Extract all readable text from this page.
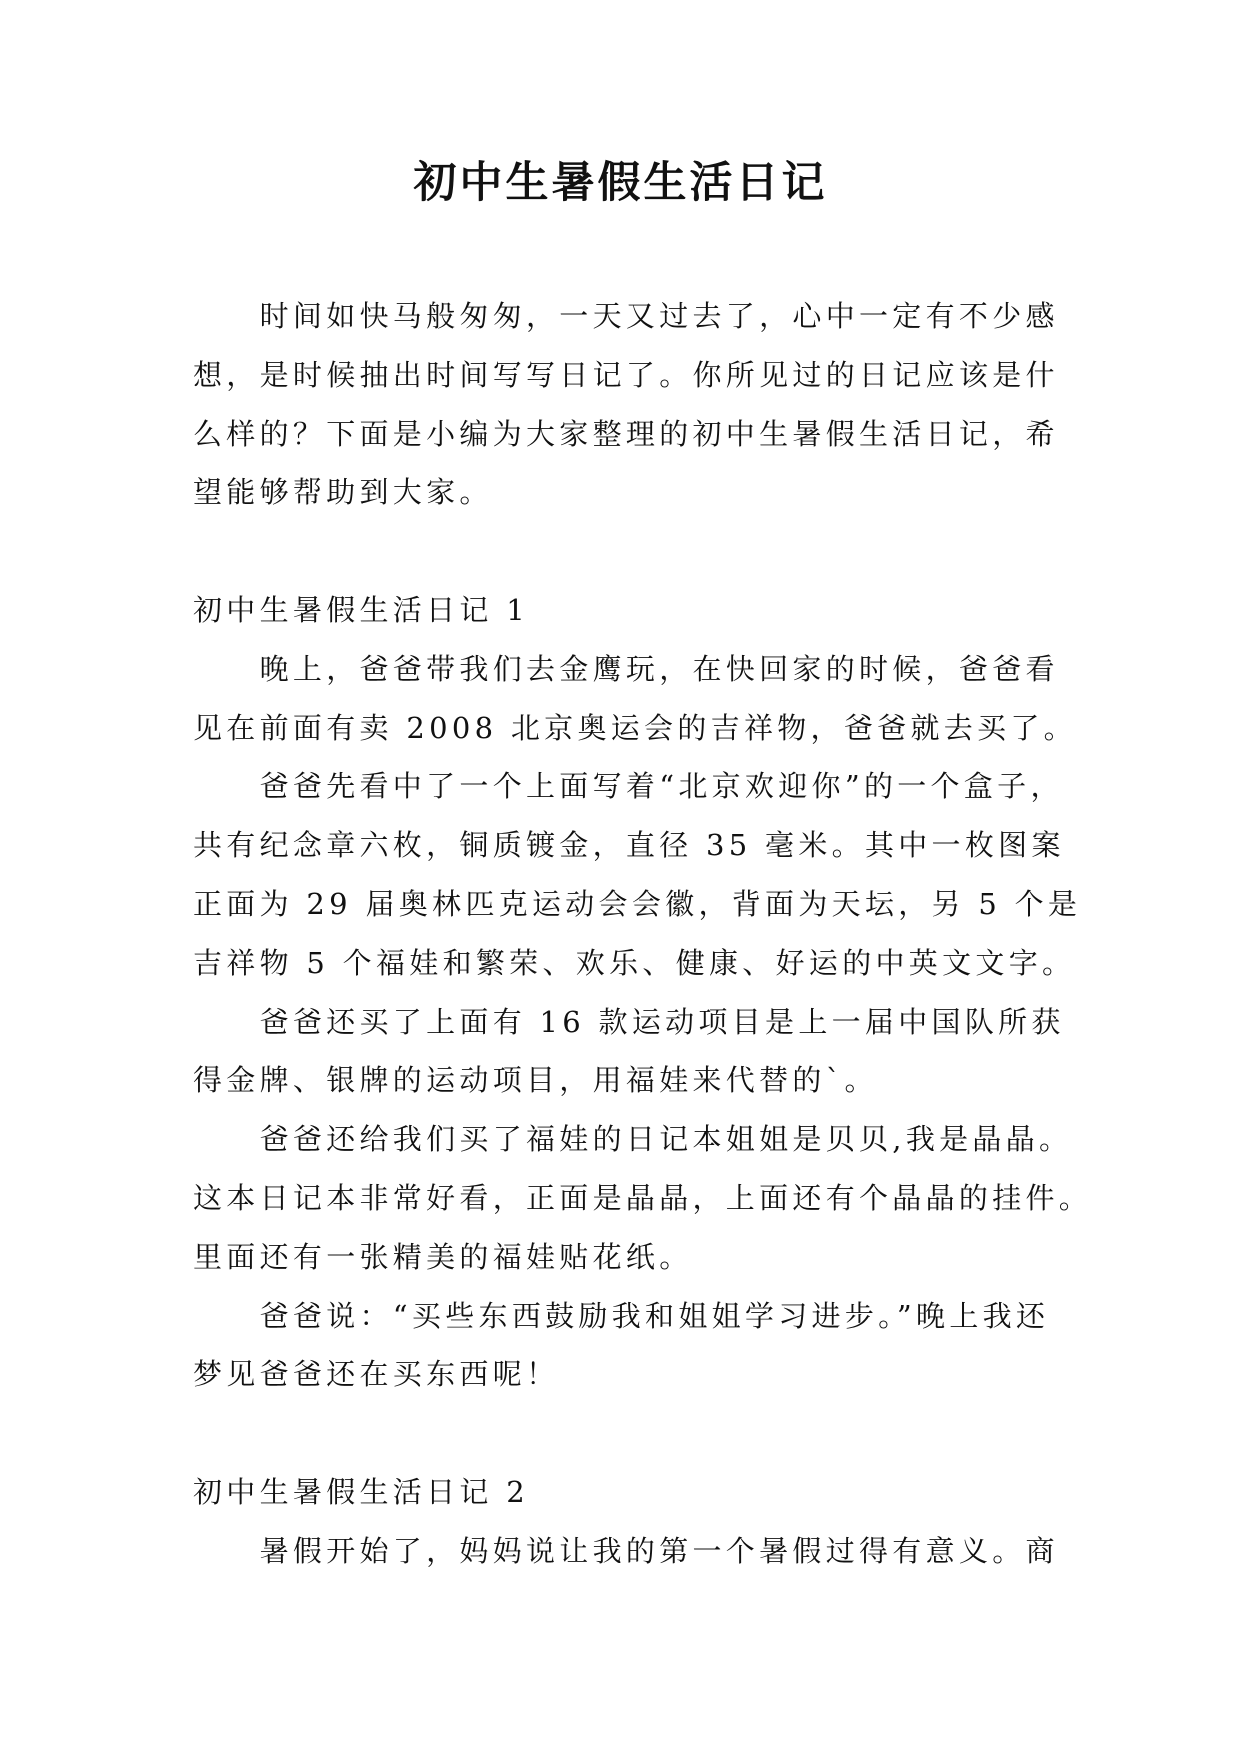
初中生暑假生活日记
时间如快马般匆匆，一天又过去了，心中一定有不少感
想，是时候抽出时间写写日记了。你所见过的日记应该是什
么样的？下面是小编为大家整理的初中生暑假生活日记，希
望能够帮助到大家。
初中生暑假生活日记 1
晚上，爸爸带我们去金鹰玩，在快回家的时候，爸爸看
见在前面有卖 2008 北京奥运会的吉祥物，爸爸就去买了。
爸爸先看中了一个上面写着“北京欢迎你”的一个盒子，
共有纪念章六枚，铜质镀金，直径 35 毫米。其中一枚图案
正面为 29 届奥林匹克运动会会徽，背面为天坛，另 5 个是
吉祥物 5 个福娃和繁荣、欢乐、健康、好运的中英文文字。
爸爸还买了上面有 16 款运动项目是上一届中国队所获
得金牌、银牌的运动项目，用福娃来代替的`。
爸爸还给我们买了福娃的日记本姐姐是贝贝,我是晶晶。
这本日记本非常好看，正面是晶晶，上面还有个晶晶的挂件。
里面还有一张精美的福娃贴花纸。
爸爸说：“买些东西鼓励我和姐姐学习进步。”晚上我还
梦见爸爸还在买东西呢！
初中生暑假生活日记 2
暑假开始了，妈妈说让我的第一个暑假过得有意义。商
